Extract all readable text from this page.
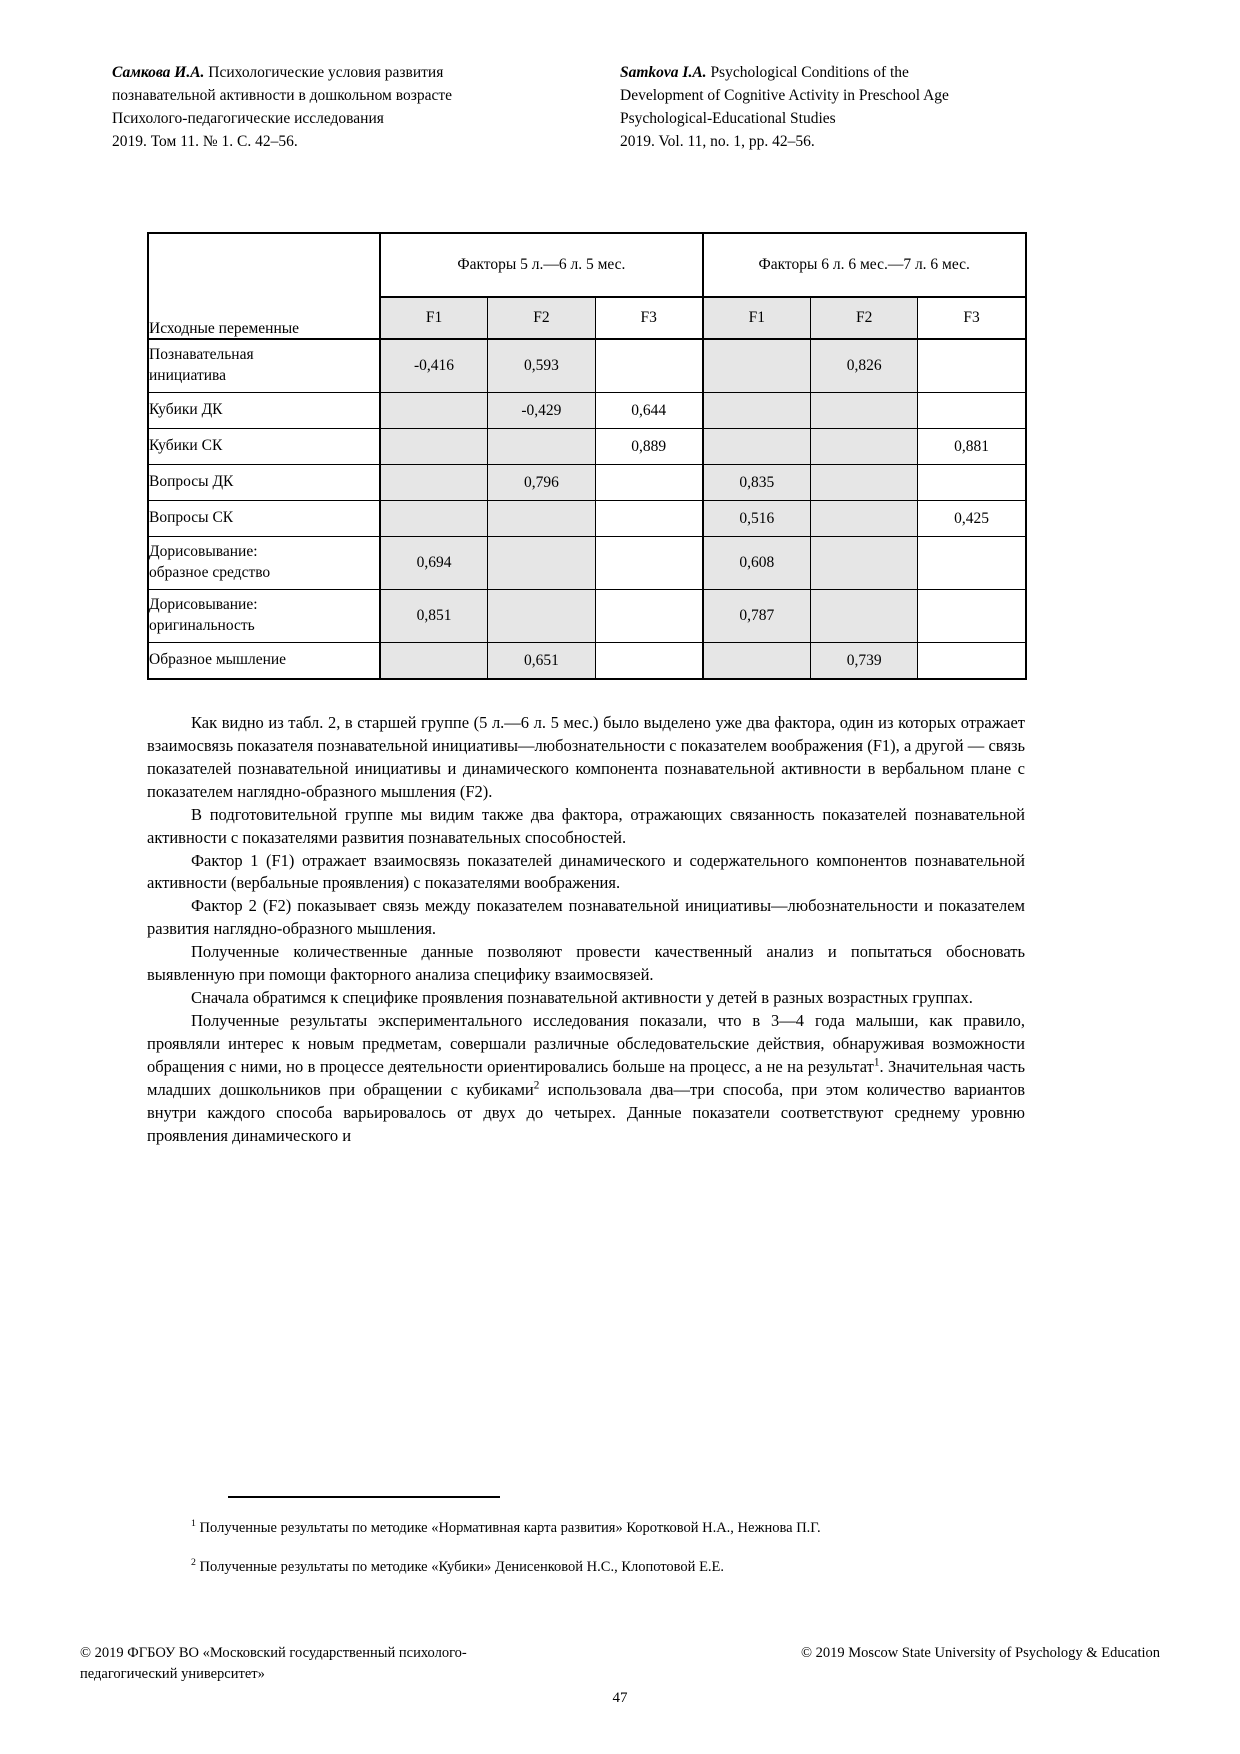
Самкова И.А. Психологические условия развития
познавательной активности в дошкольном возрасте
Психолого-педагогические исследования
2019. Том 11. № 1. С. 42–56.
Samkova I.A. Psychological Conditions of the
Development of Cognitive Activity in Preschool Age
Psychological-Educational Studies
2019. Vol. 11, no. 1, pp. 42–56.
Исходные переменные	Факторы 5 л.—6 л. 5 мес.			Факторы 6 л. 6 мес.—7 л. 6 мес.		
	F1	F2	F3	F1	F2	F3

Познавательная
инициатива	-0,416	0,593			0,826	

Кубики ДК		-0,429	0,644			

Кубики СК			0,889			0,881

Вопросы ДК		0,796		0,835		

Вопросы СК				0,516		0,425

Дорисовывание:
образное средство	0,694			0,608		

Дорисовывание:
оригинальность	0,851			0,787		

Образное мышление		0,651			0,739	

Как видно из табл. 2, в старшей группе (5 л.—6 л. 5 мес.) было выделено уже два фактора, один из которых отражает взаимосвязь показателя познавательной инициативы—любознательности с показателем воображения (F1), а другой — связь показателей познавательной инициативы и динамического компонента познавательной активности в вербальном плане с показателем наглядно-образного мышления (F2).

В подготовительной группе мы видим также два фактора, отражающих связанность показателей познавательной активности с показателями развития познавательных способностей.

Фактор 1 (F1) отражает взаимосвязь показателей динамического и содержательного компонентов познавательной активности (вербальные проявления) с показателями воображения.

Фактор 2 (F2) показывает связь между показателем познавательной инициативы—любознательности и показателем развития наглядно-образного мышления.

Полученные количественные данные позволяют провести качественный анализ и попытаться обосновать выявленную при помощи факторного анализа специфику взаимосвязей.

Сначала обратимся к специфике проявления познавательной активности у детей в разных возрастных группах.

Полученные результаты экспериментального исследования показали, что в 3—4 года малыши, как правило, проявляли интерес к новым предметам, совершали различные обследовательские действия, обнаруживая возможности обращения с ними, но в процессе деятельности ориентировались больше на процесс, а не на результат$^1$. Значительная часть младших дошкольников при обращении с кубиками$^2$ использовала два—три способа, при этом количество вариантов внутри каждого способа варьировалось от двух до четырех. Данные показатели соответствуют среднему уровню проявления динамического и

$^1$ Полученные результаты по методике «Нормативная карта развития» Коротковой Н.А., Нежнова П.Г.

$^2$ Полученные результаты по методике «Кубики» Денисенковой Н.С., Клопотовой Е.Е.

© 2019 ФГБОУ ВО «Московский государственный психолого-
педагогический университет»
© 2019 Moscow State University of Psychology & Education
47
